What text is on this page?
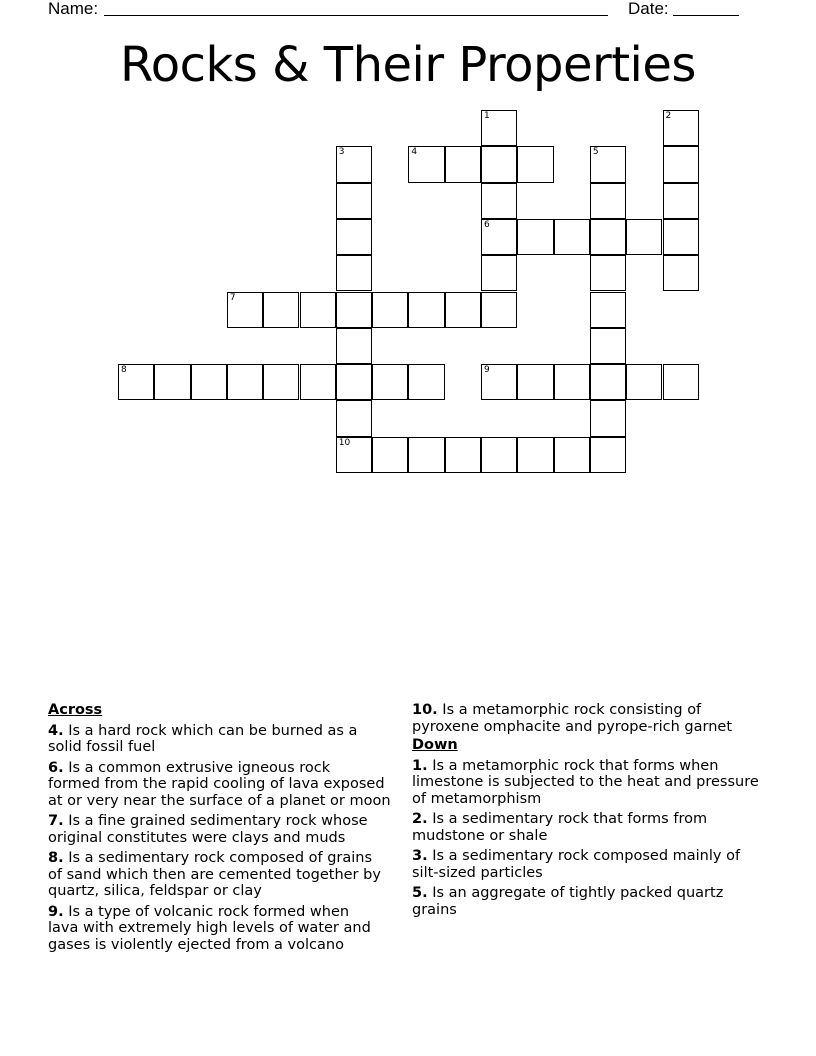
Name:	Date:
Rocks & Their Properties
1
6
2
3
10
4	5
7
8	9
Across
4. Is a hard rock which can be burned as a
solid fossil fuel
6. Is a common extrusive igneous rock
formed from the rapid cooling of lava exposed
at or very near the surface of a planet or moon
7. Is a fine grained sedimentary rock whose
original constitutes were clays and muds
8. Is a sedimentary rock composed of grains
of sand which then are cemented together by
quartz, silica, feldspar or clay
9. Is a type of volcanic rock formed when
lava with extremely high levels of water and
gases is violently ejected from a volcano
10. Is a metamorphic rock consisting of
pyroxene omphacite and pyrope-rich garnet
Down
1. Is a metamorphic rock that forms when
limestone is subjected to the heat and pressure
of metamorphism
2. Is a sedimentary rock that forms from
mudstone or shale
3. Is a sedimentary rock composed mainly of
silt-sized particles
5. Is an aggregate of tightly packed quartz
grains
